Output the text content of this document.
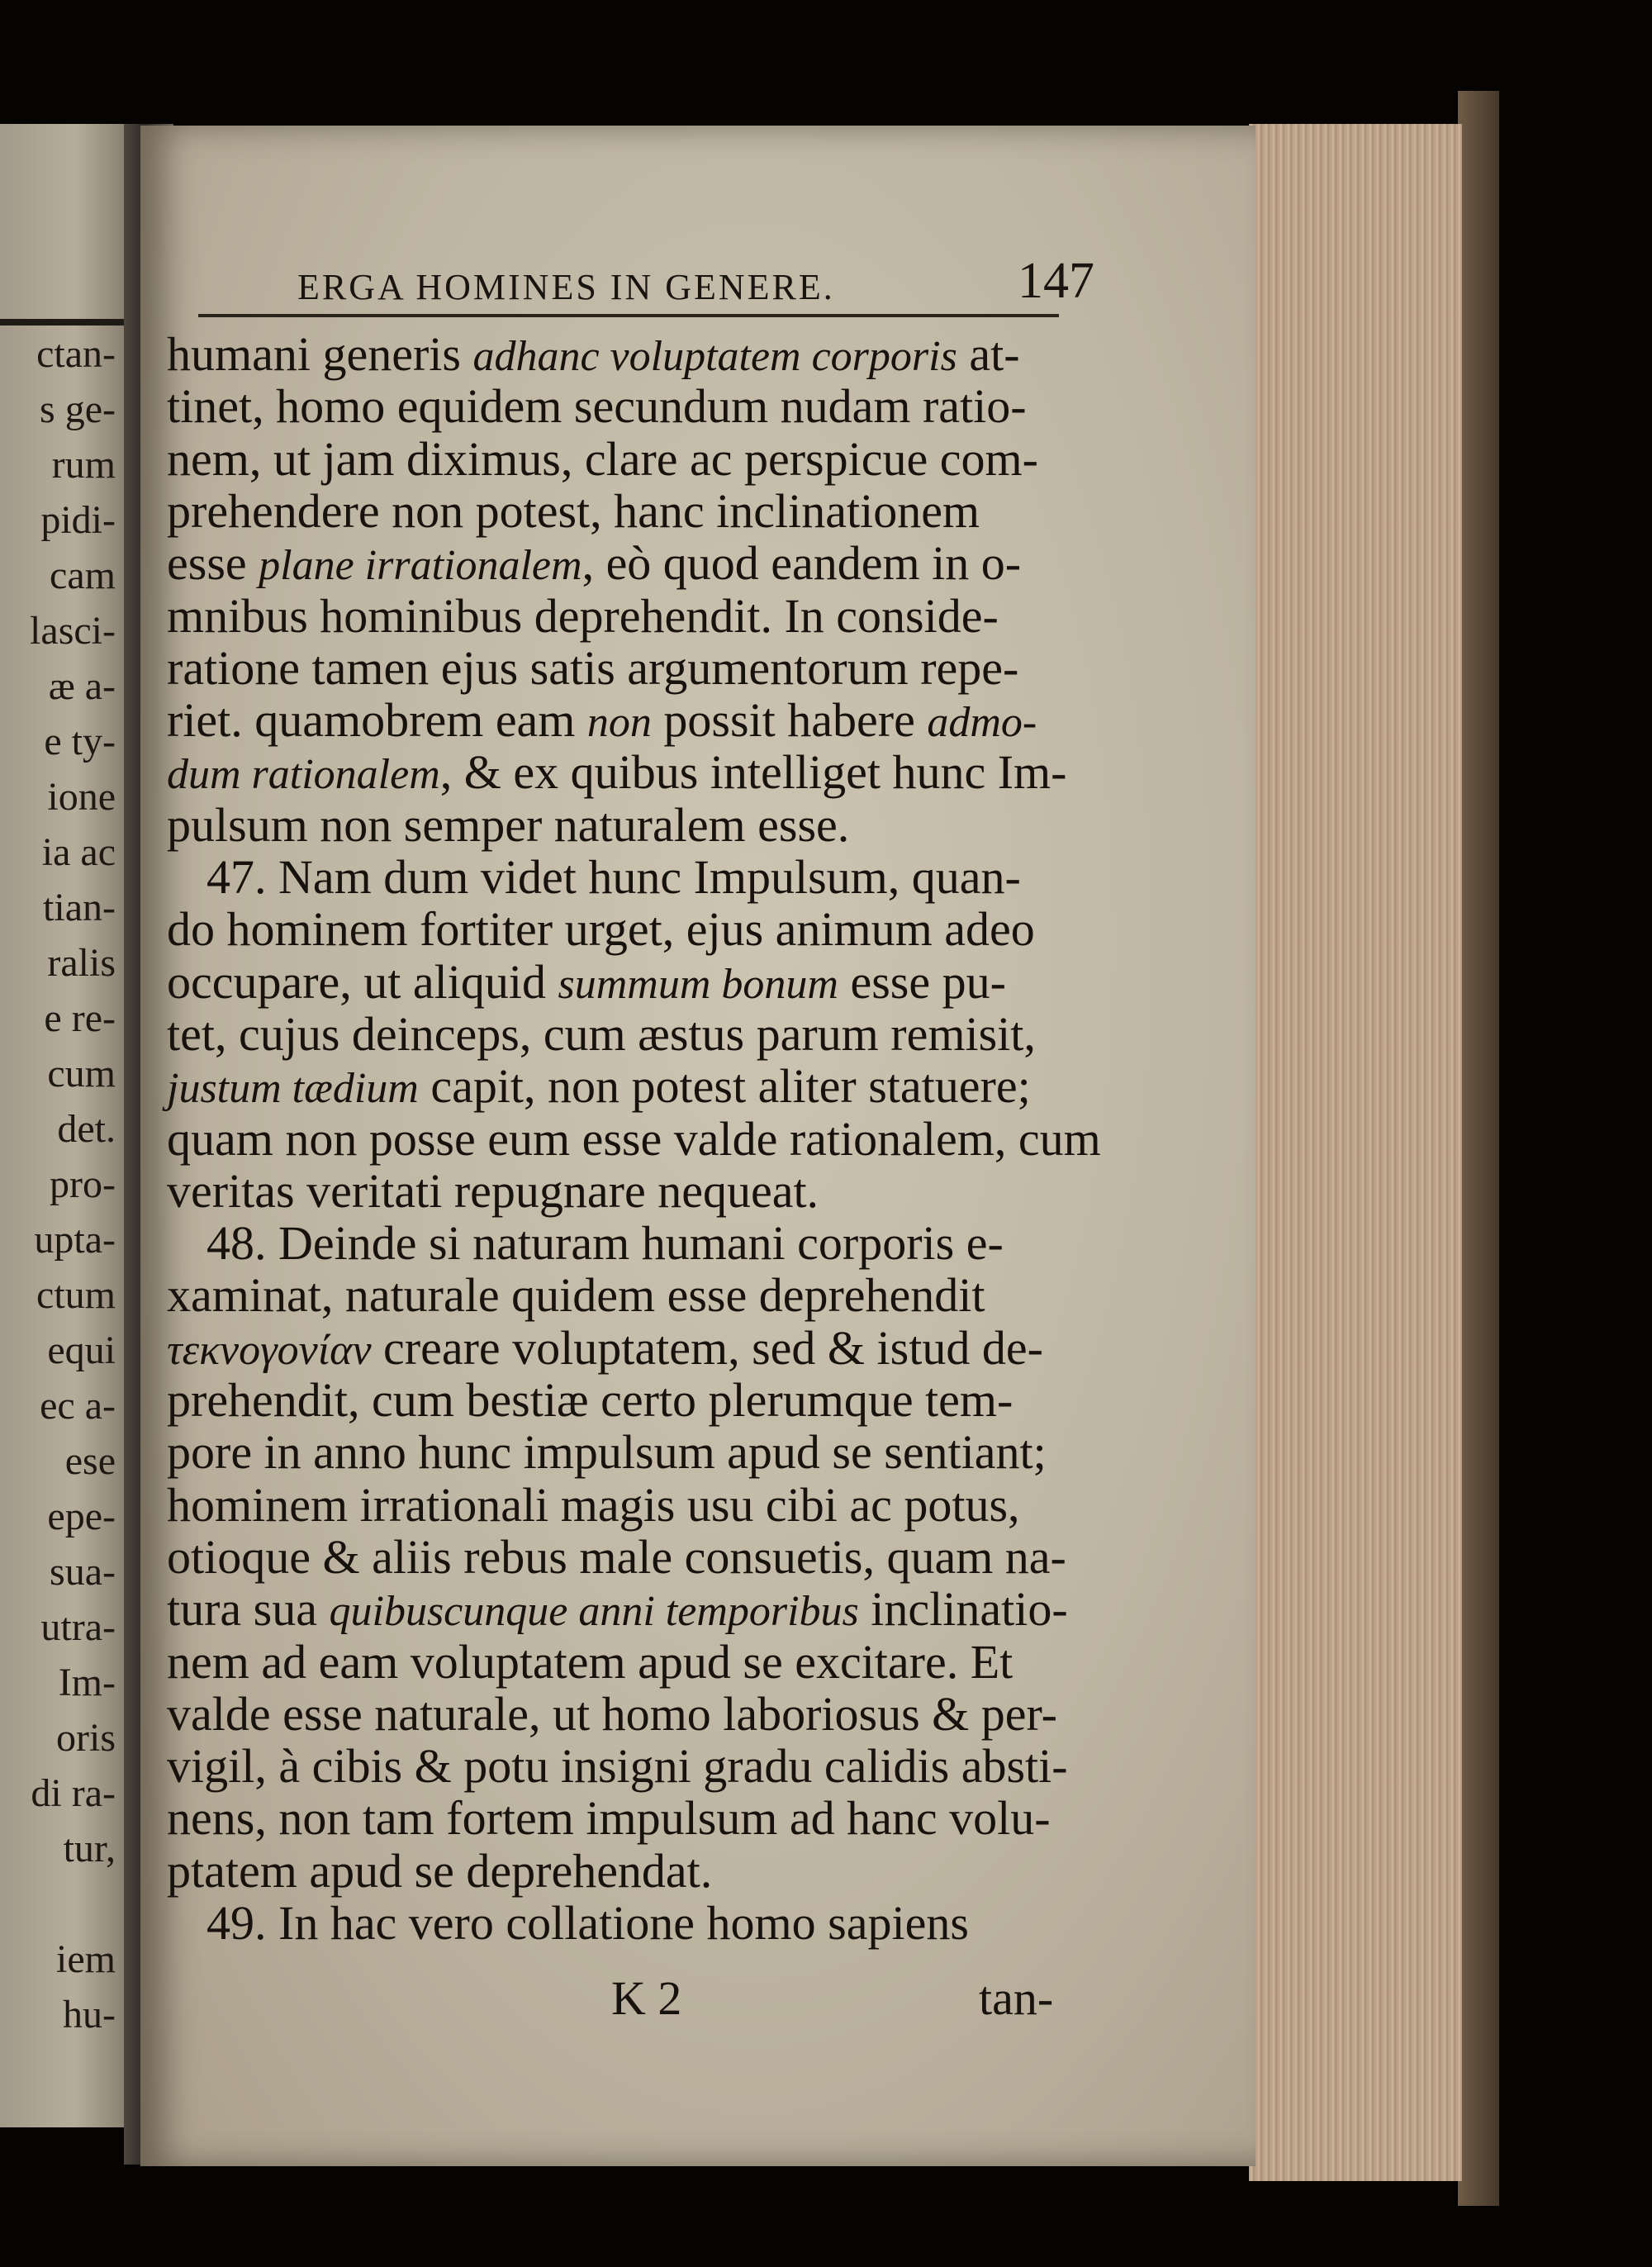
ctan-
s ge-
rum
pidi-
cam
lasci-
æ a-
e ty-
ione
ia ac
tian-
ralis
e re-
cum
det.
pro-
upta-
ctum
equi
ec a-
ese
epe-
sua-
utra-
Im-
oris
di ra-
tur,
iem
hu-
ERGA HOMINES IN GENERE.	147
humani generis adhanc voluptatem corporis at-
tinet, homo equidem secundum nudam ratio-
nem, ut jam diximus, clare ac perspicue com-
prehendere non potest, hanc inclinationem
esse plane irrationalem, eò quod eandem in o-
mnibus hominibus deprehendit. In conside-
ratione tamen ejus satis argumentorum repe-
riet. quamobrem eam non possit habere admo-
dum rationalem, & ex quibus intelliget hunc Im-
pulsum non semper naturalem esse.
47. Nam dum videt hunc Impulsum, quan-
do hominem fortiter urget, ejus animum adeo
occupare, ut aliquid summum bonum esse pu-
tet, cujus deinceps, cum æstus parum remisit,
justum tædium capit, non potest aliter statuere;
quam non posse eum esse valde rationalem, cum
veritas veritati repugnare nequeat.
48. Deinde si naturam humani corporis e-
xaminat, naturale quidem esse deprehendit
τεκνογονίαν creare voluptatem, sed & istud de-
prehendit, cum bestiæ certo plerumque tem-
pore in anno hunc impulsum apud se sentiant;
hominem irrationali magis usu cibi ac potus,
otioque & aliis rebus male consuetis, quam na-
tura sua quibuscunque anni temporibus inclinatio-
nem ad eam voluptatem apud se excitare. Et
valde esse naturale, ut homo laboriosus & per-
vigil, à cibis & potu insigni gradu calidis absti-
nens, non tam fortem impulsum ad hanc volu-
ptatem apud se deprehendat.
49. In hac vero collatione homo sapiens
K 2	tan-
